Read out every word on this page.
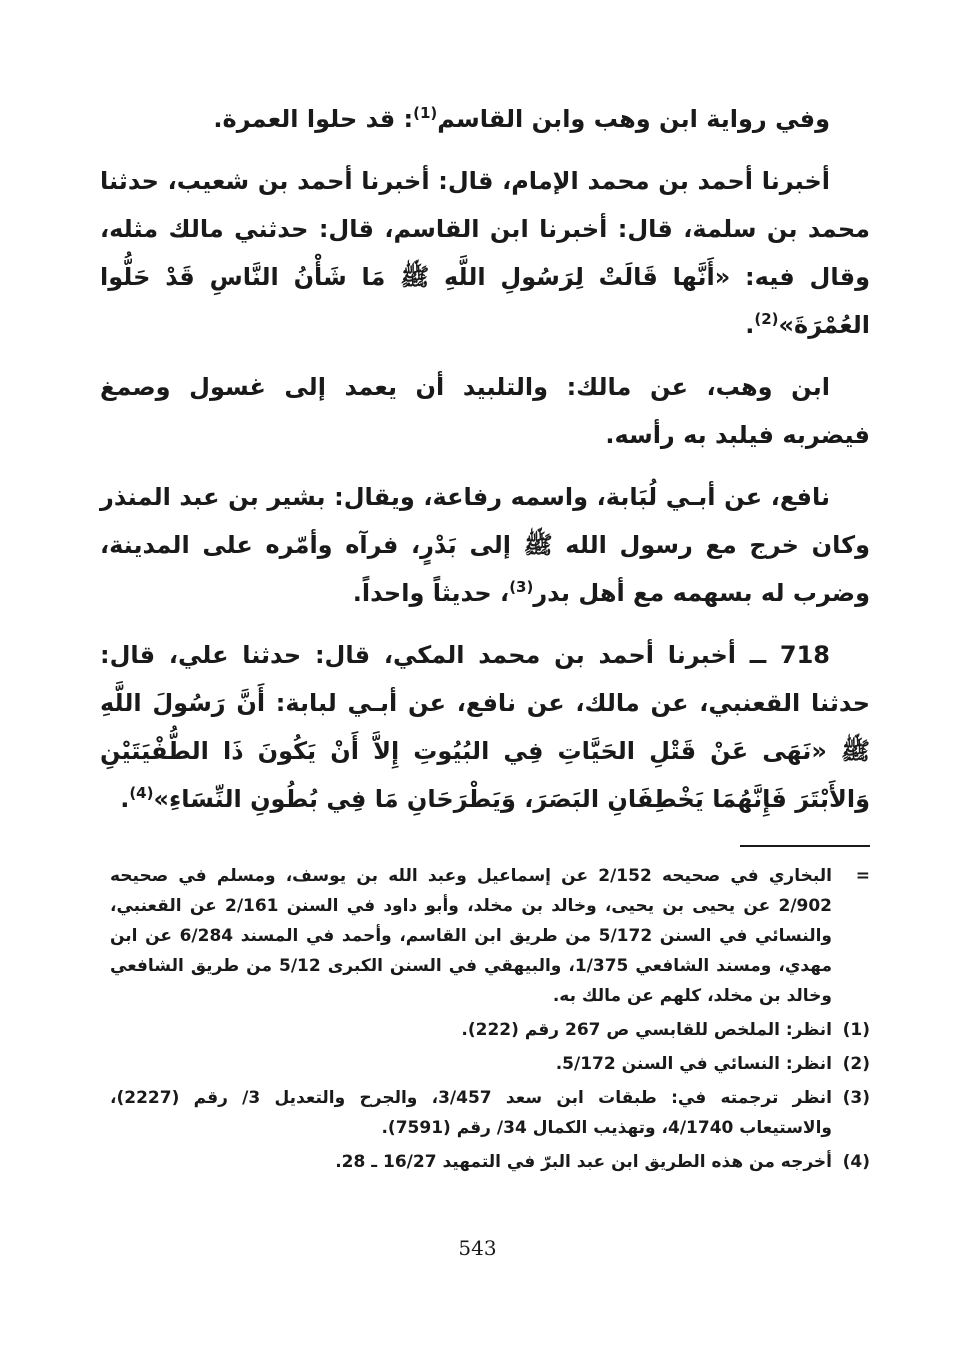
وفي رواية ابن وهب وابن القاسم$^{(1)}$: قد حلوا العمرة.

أخبرنا أحمد بن محمد الإمام، قال: أخبرنا أحمد بن شعيب، حدثنا محمد بن سلمة، قال: أخبرنا ابن القاسم، قال: حدثني مالك مثله، وقال فيه: «أَنَّها قَالَتْ لِرَسُولِ اللَّهِ ﷺ مَا شَأْنُ النَّاسِ قَدْ حَلُّوا العُمْرَةَ»$^{(2)}$.

ابن وهب، عن مالك: والتلبيد أن يعمد إلى غسول وصمغ فيضربه فيلبد به رأسه.

نافع، عن أبـي لُبَابة، واسمه رفاعة، ويقال: بشير بن عبد المنذر وكان خرج مع رسول الله ﷺ إلى بَدْرٍ، فرآه وأمّره على المدينة، وضرب له بسهمه مع أهل بدر$^{(3)}$، حديثاً واحداً.

718 ــ أخبرنا أحمد بن محمد المكي، قال: حدثنا علي، قال: حدثنا القعنبي، عن مالك، عن نافع، عن أبـي لبابة: أَنَّ رَسُولَ اللَّهِ ﷺ «نَهَى عَنْ قَتْلِ الحَيَّاتِ فِي البُيُوتِ إِلاَّ أَنْ يَكُونَ ذَا الطُّفْيَتَيْنِ وَالأَبْتَرَ فَإِنَّهُمَا يَخْطِفَانِ البَصَرَ، وَيَطْرَحَانِ مَا فِي بُطُونِ النِّسَاءِ»$^{(4)}$.

=
البخاري في صحيحه 2/152 عن إسماعيل وعبد الله بن يوسف، ومسلم في صحيحه 2/902 عن يحيى بن يحيى، وخالد بن مخلد، وأبو داود في السنن 2/161 عن القعنبي، والنسائي في السنن 5/172 من طريق ابن القاسم، وأحمد في المسند 6/284 عن ابن مهدي، ومسند الشافعي 1/375، والبيهقي في السنن الكبرى 5/12 من طريق الشافعي وخالد بن مخلد، كلهم عن مالك به.
(1)
انظر: الملخص للقابسي ص 267 رقم (222).
(2)
انظر: النسائي في السنن 5/172.
(3)
انظر ترجمته في: طبقات ابن سعد 3/457، والجرح والتعديل 3/ رقم (2227)، والاستيعاب 4/1740، وتهذيب الكمال 34/ رقم (7591).
(4)
أخرجه من هذه الطريق ابن عبد البرّ في التمهيد 16/27 ـ 28.
543
